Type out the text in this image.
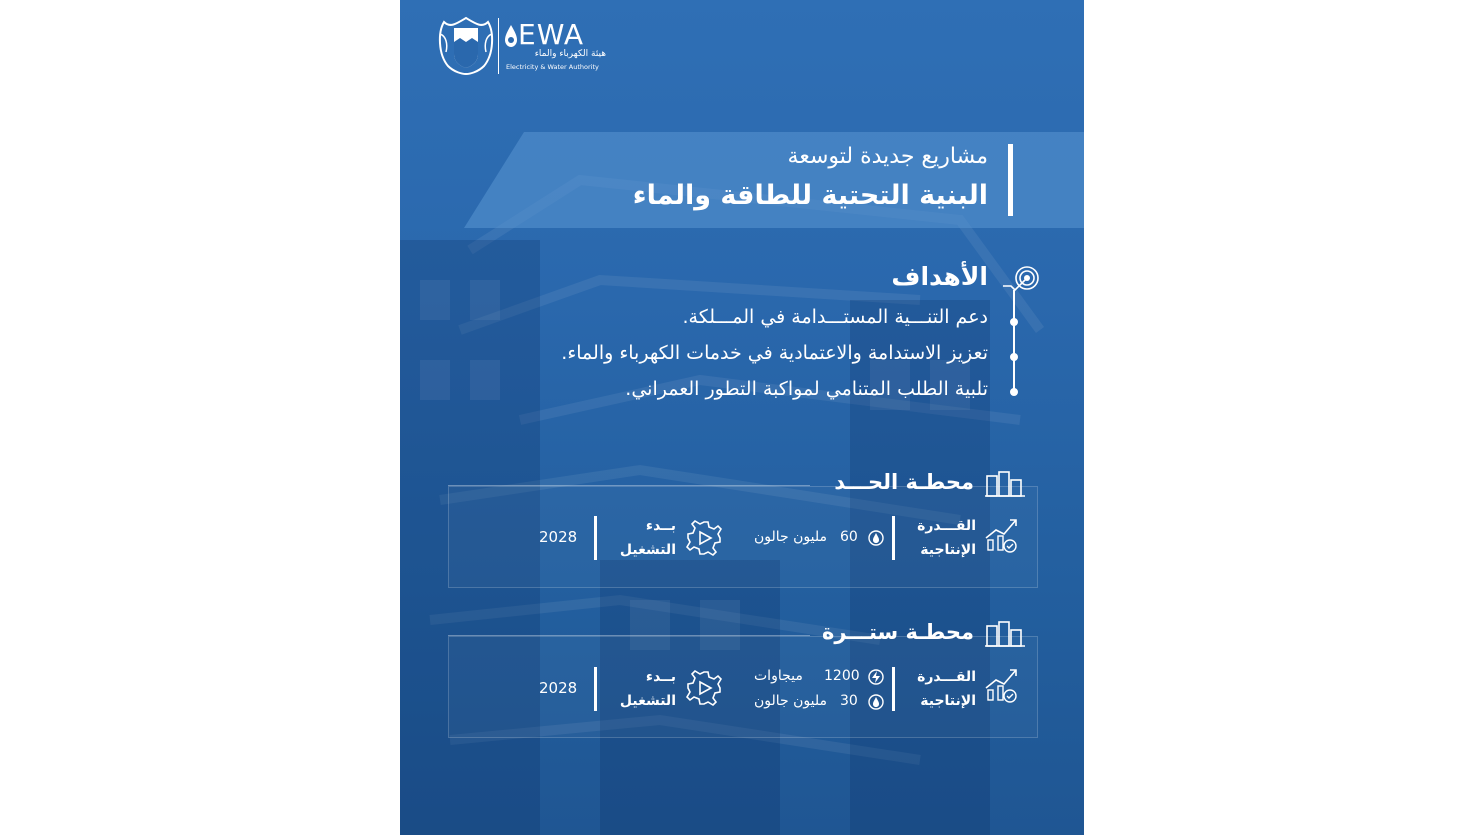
EWA
هيئة الكهرباء والماء
Electricity & Water Authority
مشاريع جديدة لتوسعة
البنية التحتية للطاقة والماء
الأهداف
دعم التنـــية المستـــدامة في المـــلكة.
تعزيز الاستدامة والاعتمادية في خدمات الكهرباء والماء.
تلبية الطلب المتنامي لمواكبة التطور العمراني.
محطـة الحـــد
القـــدرة
الإنتاجية
60
مليون جالون
بــدء
التشغيل
2028
محطـة ستـــرة
القـــدرة
الإنتاجية
1200
ميجاوات
30
مليون جالون
بــدء
التشغيل
2028
